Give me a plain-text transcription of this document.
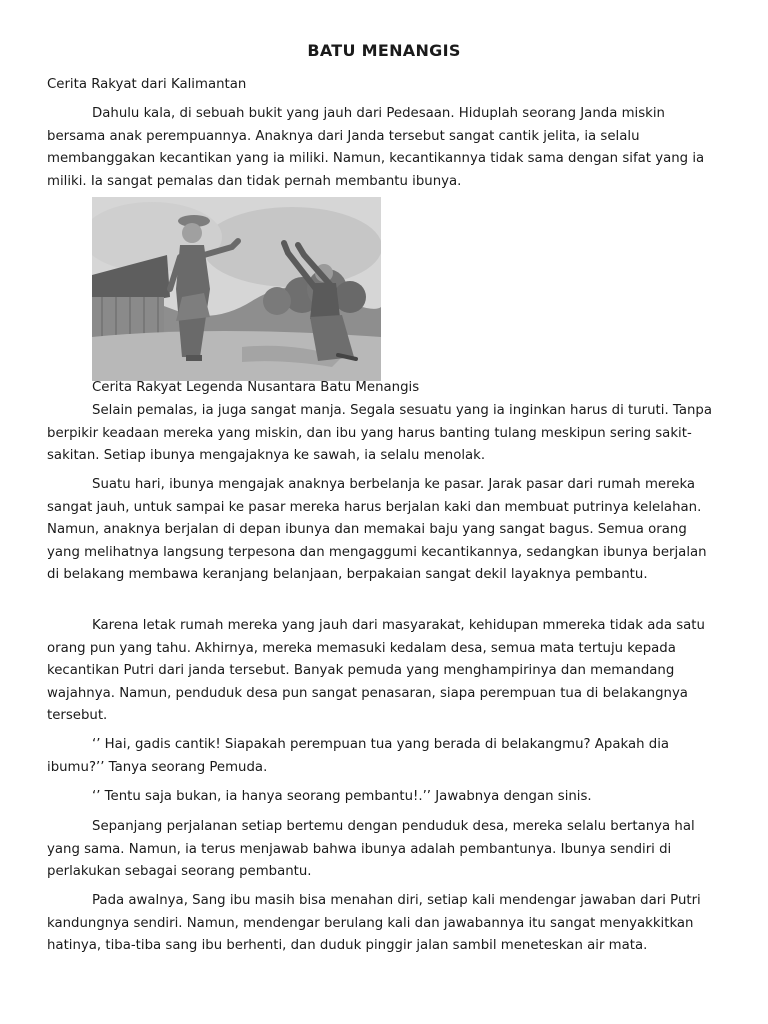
BATU MENANGIS
Cerita Rakyat dari Kalimantan

Dahulu kala, di sebuah bukit yang jauh dari Pedesaan. Hiduplah seorang Janda miskin bersama anak perempuannya. Anaknya dari Janda tersebut sangat cantik jelita, ia selalu membanggakan kecantikan yang ia miliki. Namun, kecantikannya tidak sama dengan sifat yang ia miliki. Ia sangat pemalas dan tidak pernah membantu ibunya.

Cerita Rakyat Legenda Nusantara Batu Menangis

Selain pemalas, ia juga sangat manja. Segala sesuatu yang ia inginkan harus di turuti. Tanpa berpikir keadaan mereka yang miskin, dan ibu yang harus banting tulang meskipun sering sakit-sakitan. Setiap ibunya mengajaknya ke sawah, ia selalu menolak.

Suatu hari, ibunya mengajak anaknya berbelanja ke pasar. Jarak pasar dari rumah mereka sangat jauh, untuk sampai ke pasar mereka harus berjalan kaki dan membuat putrinya kelelahan. Namun, anaknya berjalan di depan ibunya dan memakai baju yang sangat bagus. Semua orang yang melihatnya langsung terpesona dan mengaggumi kecantikannya, sedangkan ibunya berjalan di belakang membawa keranjang belanjaan, berpakaian sangat dekil layaknya pembantu.

Karena letak rumah mereka yang jauh dari masyarakat, kehidupan mmereka tidak ada satu orang pun yang tahu. Akhirnya, mereka memasuki kedalam desa, semua mata tertuju kepada kecantikan Putri dari janda tersebut. Banyak pemuda yang menghampirinya dan memandang wajahnya. Namun, penduduk desa pun sangat penasaran, siapa perempuan tua di belakangnya tersebut.

‘’ Hai, gadis cantik! Siapakah perempuan tua yang berada di belakangmu? Apakah dia ibumu?’’ Tanya seorang Pemuda.

‘’ Tentu saja bukan, ia hanya seorang pembantu!.’’ Jawabnya dengan sinis.

Sepanjang perjalanan setiap bertemu dengan penduduk desa, mereka selalu bertanya hal yang sama. Namun, ia terus menjawab bahwa ibunya adalah pembantunya. Ibunya sendiri di perlakukan sebagai seorang pembantu.

Pada awalnya, Sang ibu masih bisa menahan diri, setiap kali mendengar jawaban dari Putri kandungnya sendiri. Namun, mendengar berulang kali dan jawabannya itu sangat menyakkitkan hatinya, tiba-tiba sang ibu berhenti, dan duduk pinggir jalan sambil meneteskan air mata.
